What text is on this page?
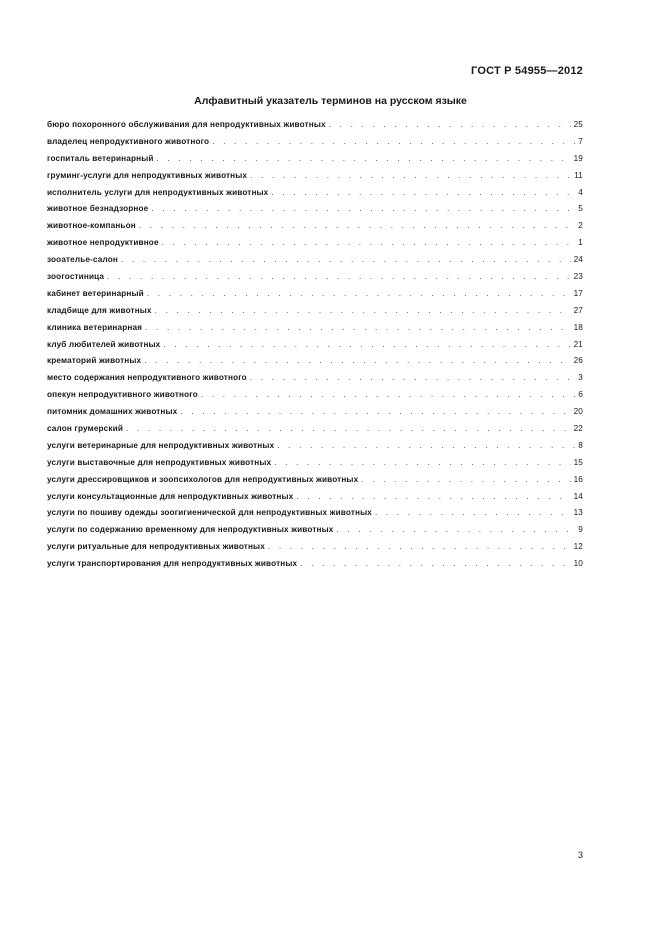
ГОСТ Р 54955—2012
Алфавитный указатель терминов на русском языке
бюро похоронного обслуживания для непродуктивных животных . . .	25
владелец непродуктивного животного . . .	7
госпиталь ветеринарный . . .	19
груминг-услуги для непродуктивных животных . . .	11
исполнитель услуги для непродуктивных животных . . .	4
животное безнадзорное . . .	5
животное-компаньон . . .	2
животное непродуктивное . . .	1
зооателье-салон . . .	24
зоогостиница . . .	23
кабинет ветеринарный . . .	17
кладбище для животных . . .	27
клиника ветеринарная . . .	18
клуб любителей животных . . .	21
крематорий животных . . .	26
место содержания непродуктивного животного . . .	3
опекун непродуктивного животного . . .	6
питомник домашних животных . . .	20
салон грумерский . . .	22
услуги ветеринарные для непродуктивных животных . . .	8
услуги выставочные для непродуктивных животных . . .	15
услуги дрессировщиков и зоопсихологов для непродуктивных животных . . .	16
услуги консультационные для непродуктивных животных . . .	14
услуги по пошиву одежды зоогигиенической для непродуктивных животных . . .	13
услуги по содержанию временному для непродуктивных животных . . .	9
услуги ритуальные для непродуктивных животных . . .	12
услуги транспортирования для непродуктивных животных . . .	10
3
